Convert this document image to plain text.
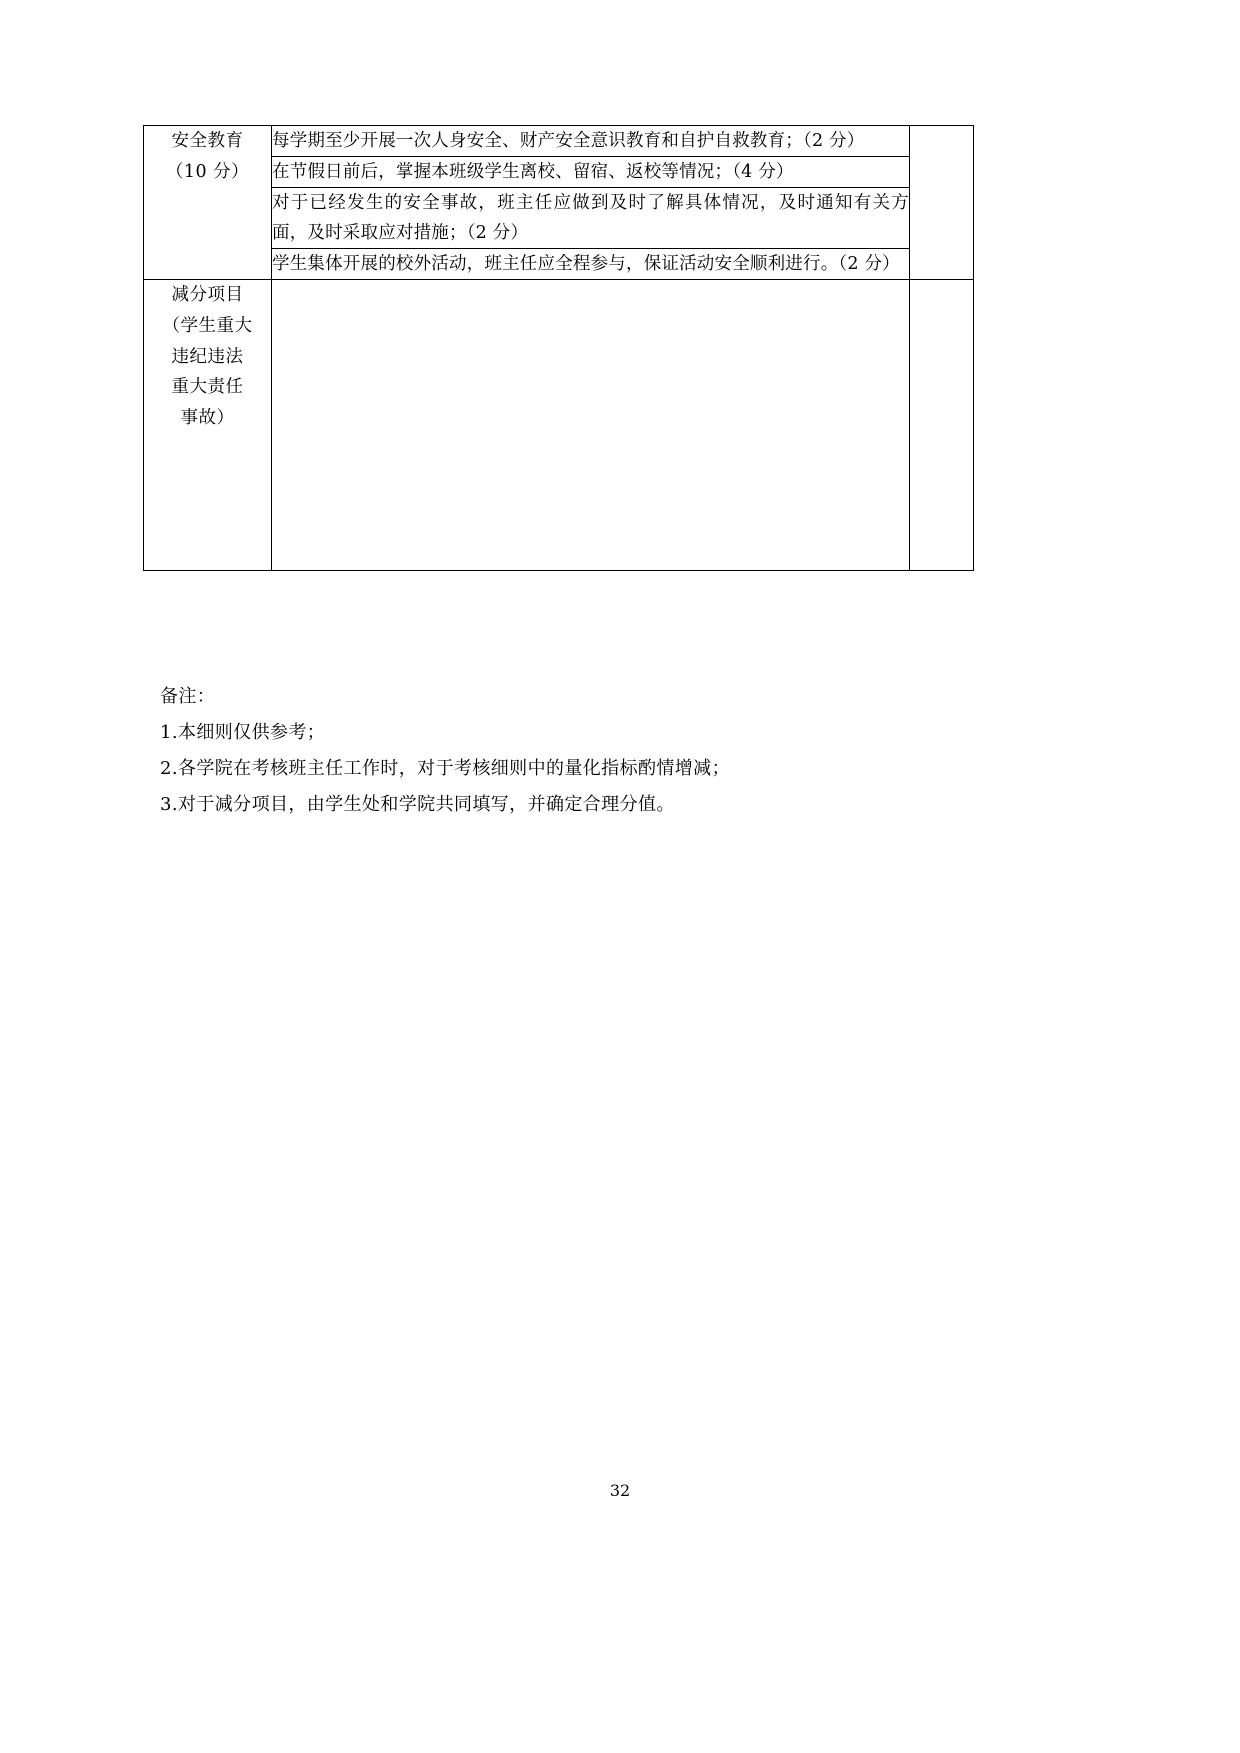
安全教育
（10 分）	每学期至少开展一次人身安全、财产安全意识教育和自护自救教育；（2 分）	
	在节假日前后，掌握本班级学生离校、留宿、返校等情况；（4 分）	
	对于已经发生的安全事故，班主任应做到及时了解具体情况，及时通知有关方面，及时采取应对措施；（2 分）	
	学生集体开展的校外活动，班主任应全程参与，保证活动安全顺利进行。（2 分）	

减分项目
（学生重大
违纪违法
重大责任
事故）		

备注：
1.本细则仅供参考；
2.各学院在考核班主任工作时，对于考核细则中的量化指标酌情增减；
3.对于减分项目，由学生处和学院共同填写，并确定合理分值。
32
